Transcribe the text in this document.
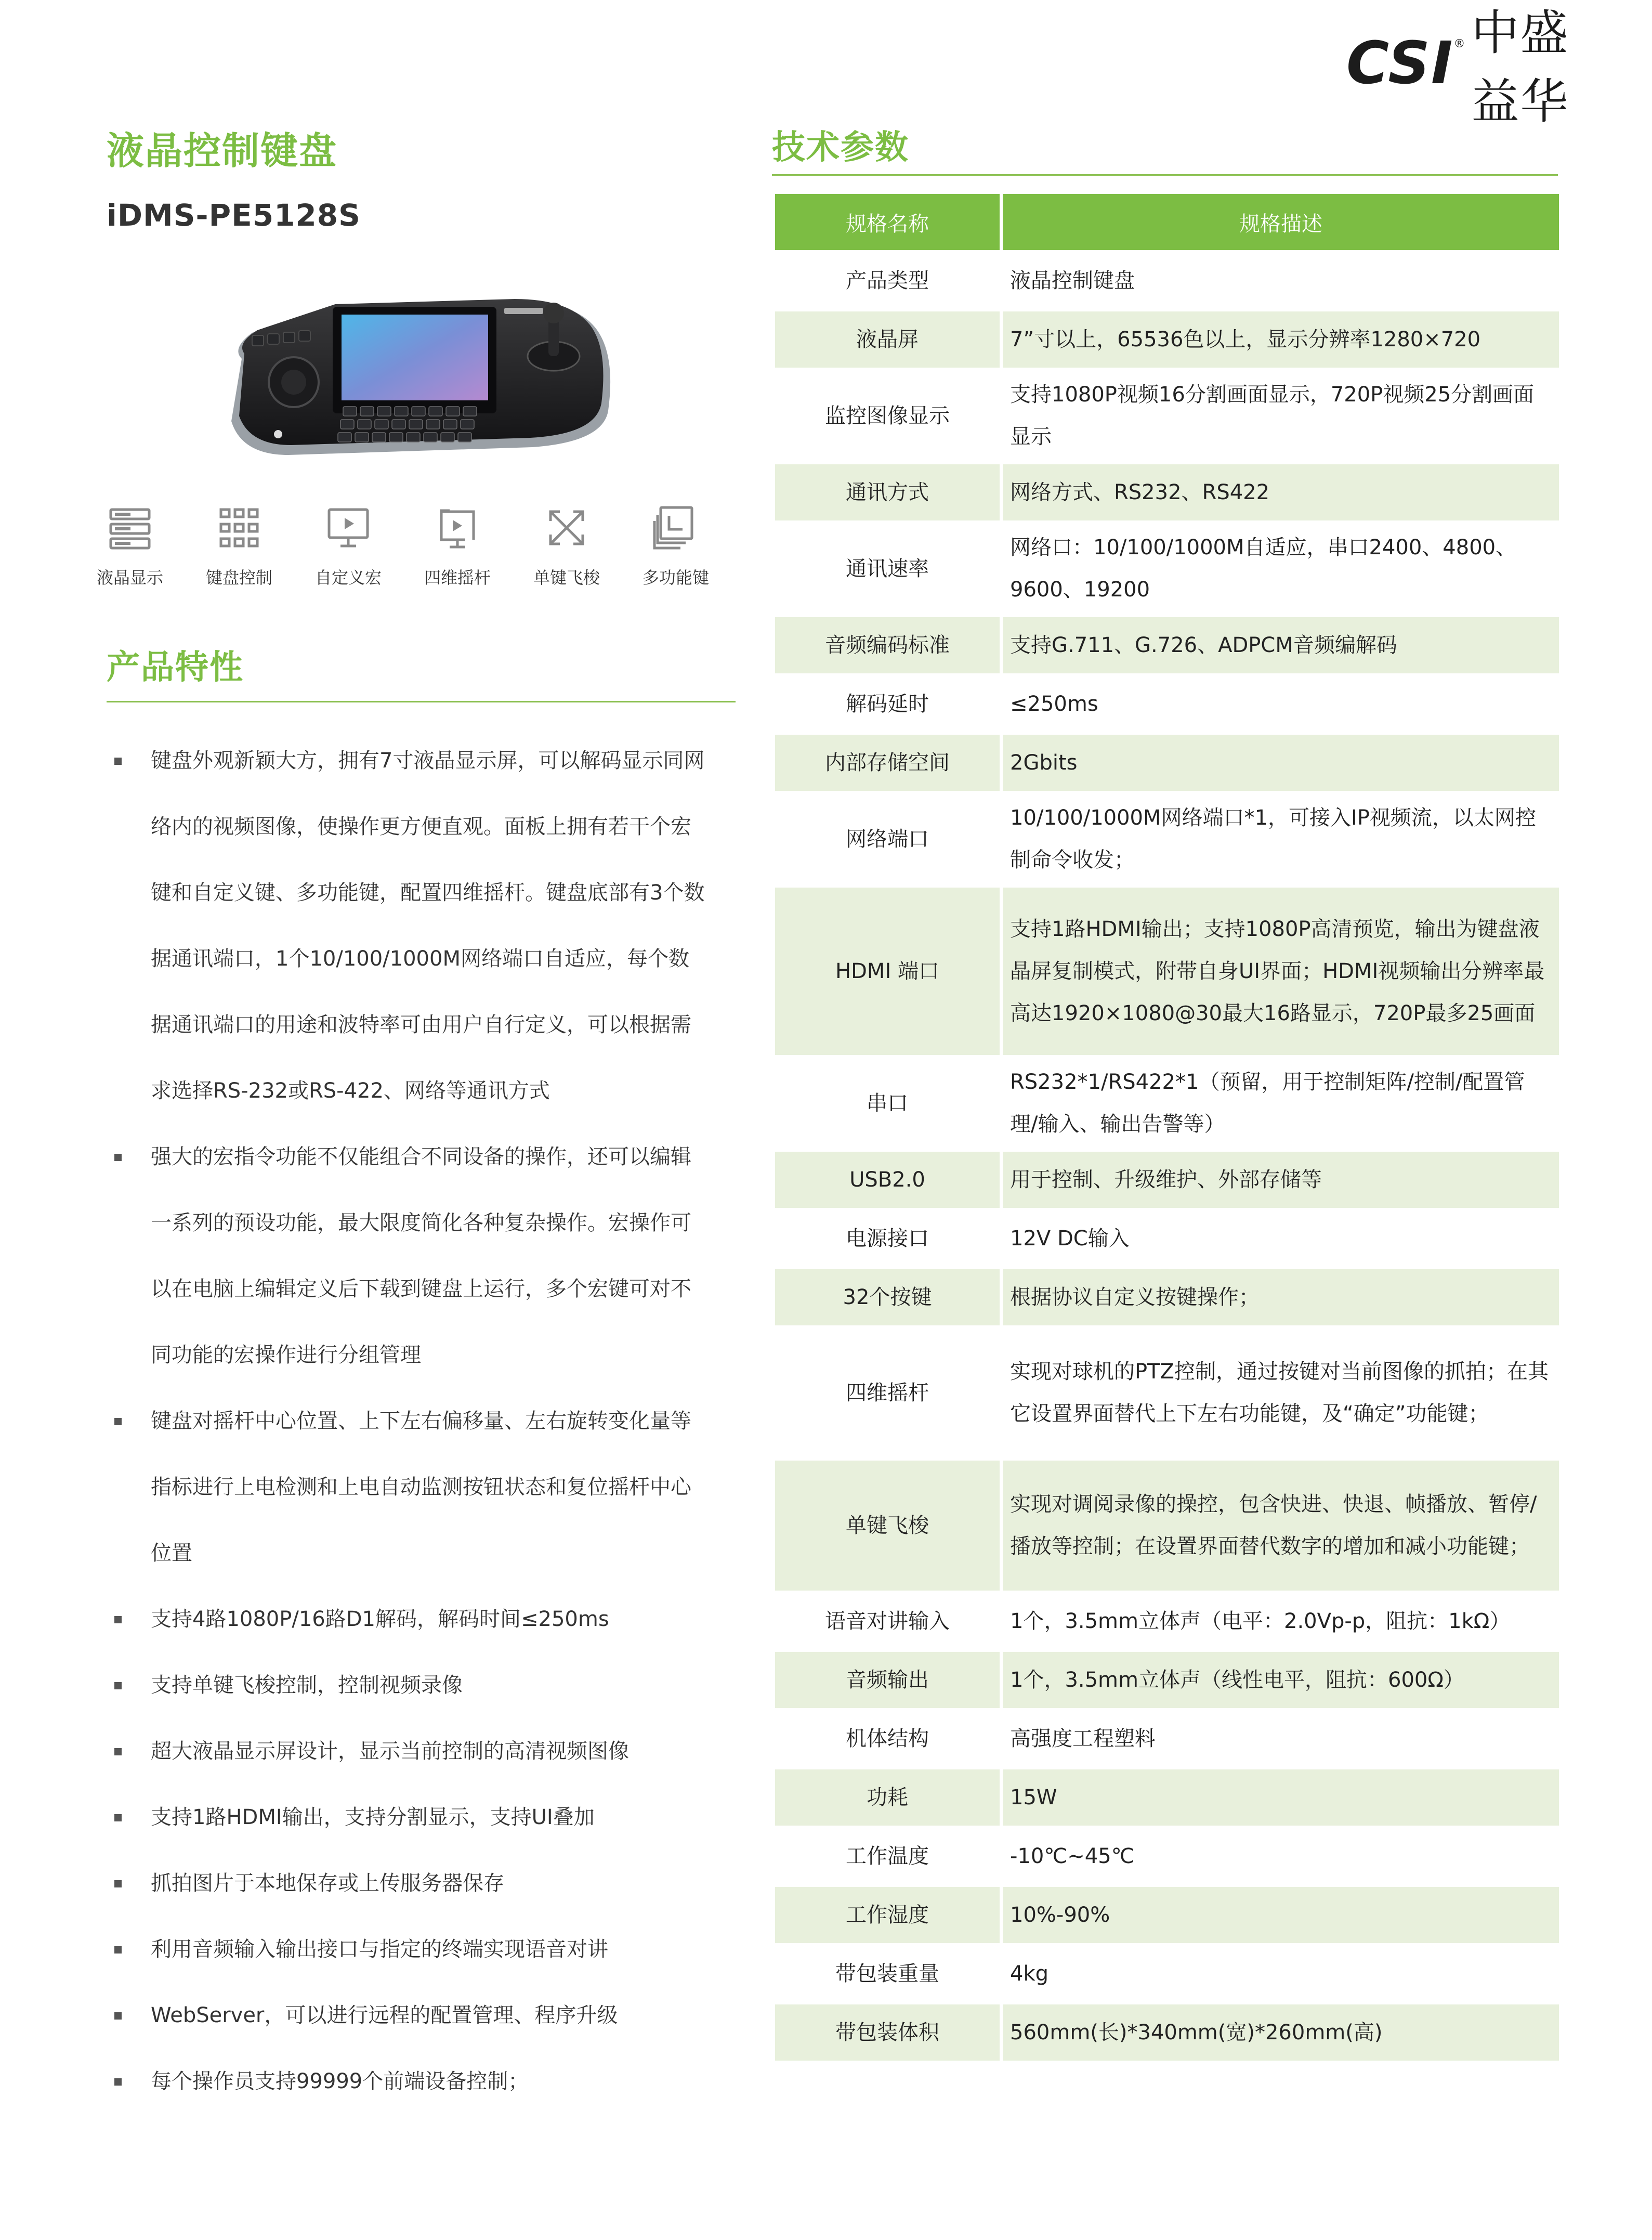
CSI ® 中盛益华
液晶控制键盘
iDMS-PE5128S
液晶显示	键盘控制	自定义宏	四维摇杆	单键飞梭	多功能键
产品特性
键盘外观新颖大方，拥有7寸液晶显示屏，可以解码显示同网
络内的视频图像，使操作更方便直观。面板上拥有若干个宏
键和自定义键、多功能键，配置四维摇杆。键盘底部有3个数
据通讯端口，1个10/100/1000M网络端口自适应，每个数
据通讯端口的用途和波特率可由用户自行定义，可以根据需
求选择RS-232或RS-422、网络等通讯方式
强大的宏指令功能不仅能组合不同设备的操作，还可以编辑
一系列的预设功能，最大限度简化各种复杂操作。宏操作可
以在电脑上编辑定义后下载到键盘上运行，多个宏键可对不
同功能的宏操作进行分组管理
键盘对摇杆中心位置、上下左右偏移量、左右旋转变化量等
指标进行上电检测和上电自动监测按钮状态和复位摇杆中心
位置
支持4路1080P/16路D1解码，解码时间≤250ms
支持单键飞梭控制，控制视频录像
超大液晶显示屏设计，显示当前控制的高清视频图像
支持1路HDMI输出，支持分割显示，支持UI叠加
抓拍图片于本地保存或上传服务器保存
利用音频输入输出接口与指定的终端实现语音对讲
WebServer，可以进行远程的配置管理、程序升级
每个操作员支持99999个前端设备控制；
技术参数
规格名称	规格描述
产品类型	液晶控制键盘
液晶屏	7”寸以上，65536色以上，显示分辨率1280×720
监控图像显示	支持1080P视频16分割画面显示，720P视频25分割画面显示
通讯方式	网络方式、RS232、RS422
通讯速率	网络口：10/100/1000M自适应，串口2400、4800、9600、19200
音频编码标准	支持G.711、G.726、ADPCM音频编解码
解码延时	≤250ms
内部存储空间	2Gbits
网络端口	10/100/1000M网络端口*1，可接入IP视频流，以太网控制命令收发；
HDMI 端口	支持1路HDMI输出；支持1080P高清预览，输出为键盘液晶屏复制模式，附带自身UI界面；HDMI视频输出分辨率最高达1920×1080@30最大16路显示，720P最多25画面
串口	RS232*1/RS422*1（预留，用于控制矩阵/控制/配置管理/输入、输出告警等）
USB2.0	用于控制、升级维护、外部存储等
电源接口	12V DC输入
32个按键	根据协议自定义按键操作；
四维摇杆	实现对球机的PTZ控制，通过按键对当前图像的抓拍；在其它设置界面替代上下左右功能键，及“确定”功能键；
单键飞梭	实现对调阅录像的操控，包含快进、快退、帧播放、暂停/播放等控制；在设置界面替代数字的增加和减小功能键；
语音对讲输入	1个，3.5mm立体声（电平：2.0Vp-p，阻抗：1kΩ）
音频输出	1个，3.5mm立体声（线性电平，阻抗：600Ω）
机体结构	高强度工程塑料
功耗	15W
工作温度	-10℃~45℃
工作湿度	10%-90%
带包装重量	4kg
带包装体积	560mm(长)*340mm(宽)*260mm(高)
